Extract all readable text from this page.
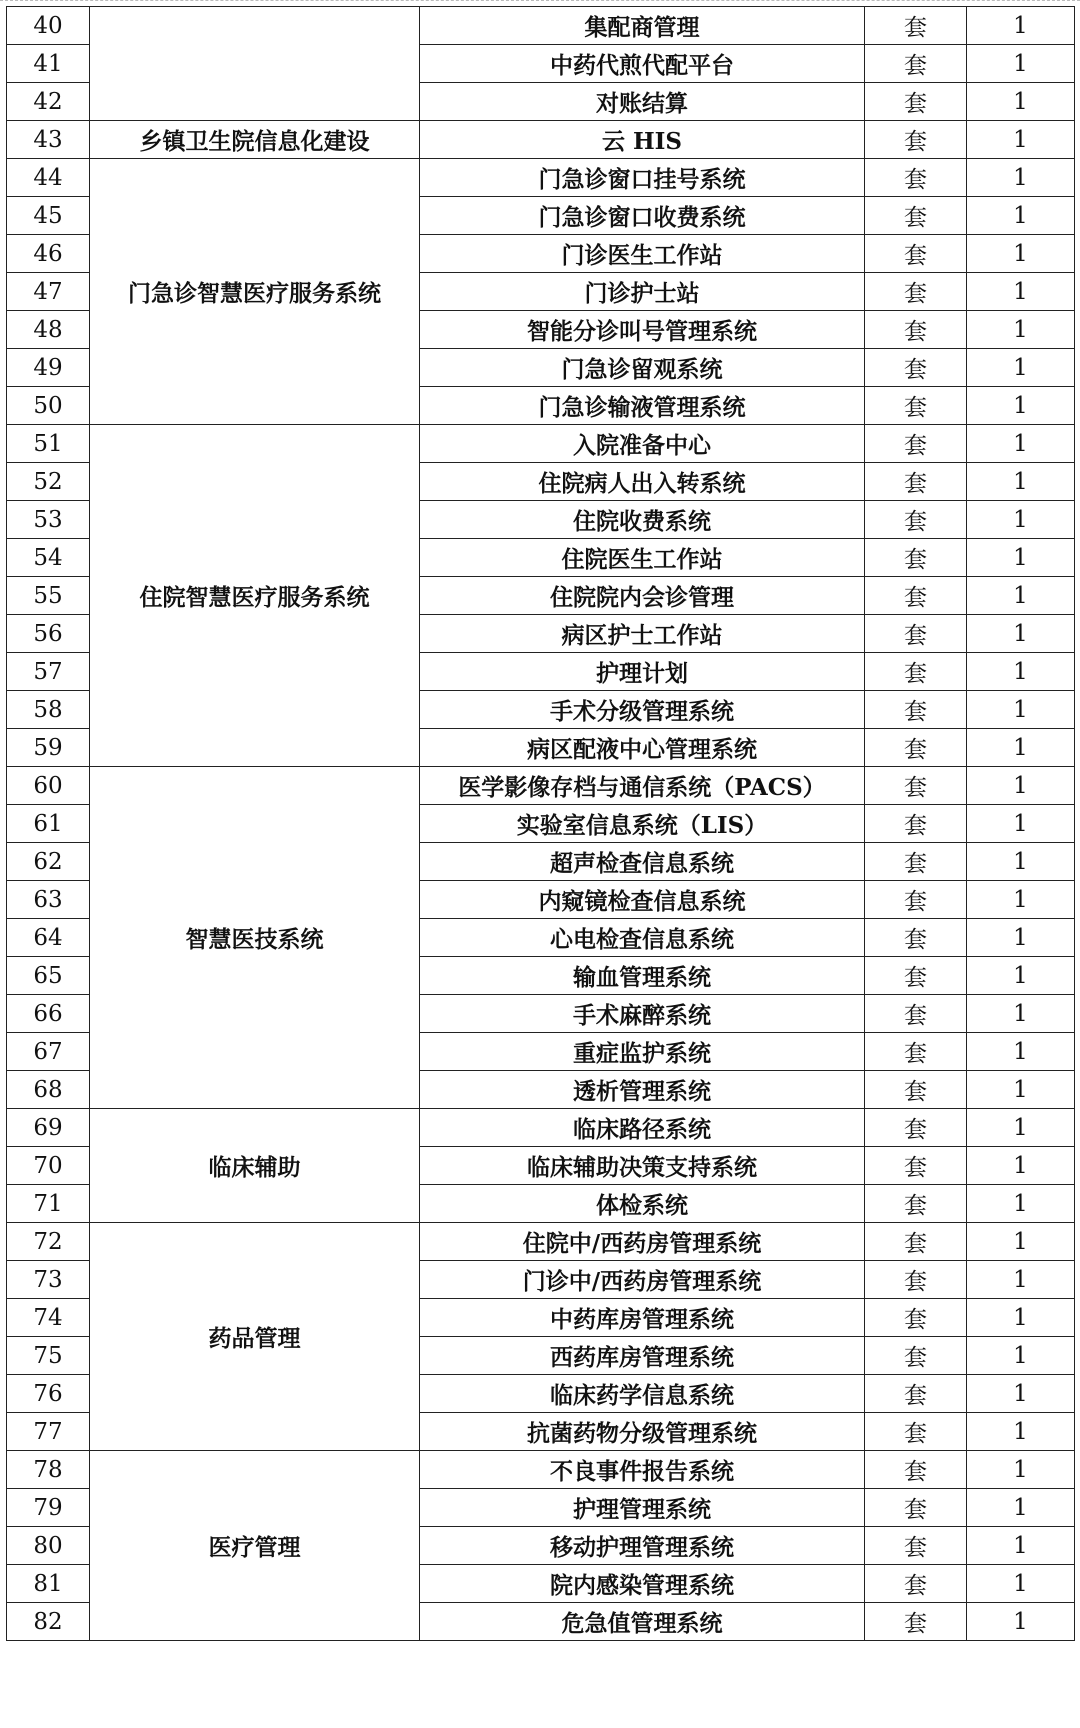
40		集配商管理	套	1
41		中药代煎代配平台	套	1
42		对账结算	套	1
43	乡镇卫生院信息化建设	云 HIS	套	1
44	门急诊智慧医疗服务系统	门急诊窗口挂号系统	套	1
45		门急诊窗口收费系统	套	1
46		门诊医生工作站	套	1
47		门诊护士站	套	1
48		智能分诊叫号管理系统	套	1
49		门急诊留观系统	套	1
50		门急诊输液管理系统	套	1
51	住院智慧医疗服务系统	入院准备中心	套	1
52		住院病人出入转系统	套	1
53		住院收费系统	套	1
54		住院医生工作站	套	1
55		住院院内会诊管理	套	1
56		病区护士工作站	套	1
57		护理计划	套	1
58		手术分级管理系统	套	1
59		病区配液中心管理系统	套	1
60	智慧医技系统	医学影像存档与通信系统（PACS）	套	1
61		实验室信息系统（LIS）	套	1
62		超声检查信息系统	套	1
63		内窥镜检查信息系统	套	1
64		心电检查信息系统	套	1
65		输血管理系统	套	1
66		手术麻醉系统	套	1
67		重症监护系统	套	1
68		透析管理系统	套	1
69	临床辅助	临床路径系统	套	1
70		临床辅助决策支持系统	套	1
71		体检系统	套	1
72	药品管理	住院中/西药房管理系统	套	1
73		门诊中/西药房管理系统	套	1
74		中药库房管理系统	套	1
75		西药库房管理系统	套	1
76		临床药学信息系统	套	1
77		抗菌药物分级管理系统	套	1
78	医疗管理	不良事件报告系统	套	1
79		护理管理系统	套	1
80		移动护理管理系统	套	1
81		院内感染管理系统	套	1
82		危急值管理系统	套	1
